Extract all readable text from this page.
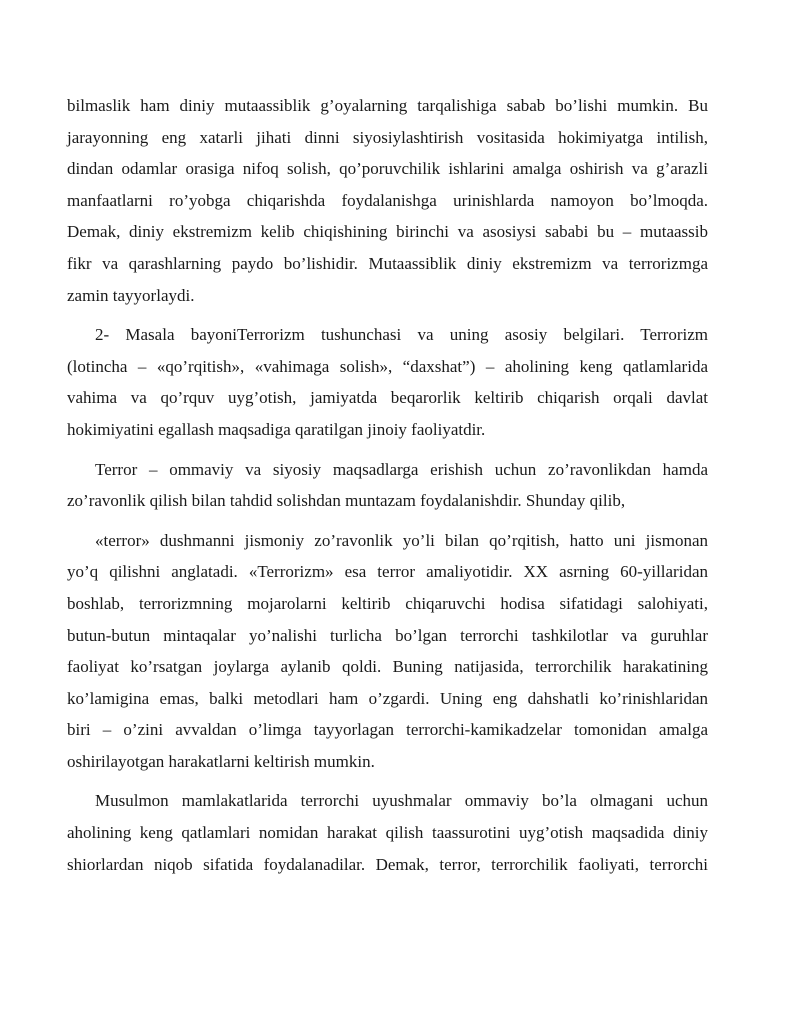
bilmaslik ham diniy mutaassiblik g’oyalarning tarqalishiga sabab bo’lishi mumkin. Bu
jarayonning eng xatarli jihati dinni siyosiylashtirish vositasida hokimiyatga intilish,
dindan odamlar orasiga nifoq solish, qo’poruvchilik ishlarini amalga oshirish va g’arazli
manfaatlarni ro’yobga chiqarishda foydalanishga urinishlarda namoyon bo’lmoqda.
Demak, diniy ekstremizm kelib chiqishining birinchi va asosiysi sababi bu – mutaassib
fikr va qarashlarning paydo bo’lishidir. Mutaassiblik diniy ekstremizm va terrorizmga
zamin tayyorlaydi.
2- Masala bayoniTerrorizm tushunchasi va uning asosiy belgilari. Terrorizm
(lotincha – «qo’rqitish», «vahimaga solish», “daxshat”) – aholining keng qatlamlarida
vahima va qo’rquv uyg’otish, jamiyatda beqarorlik keltirib chiqarish orqali davlat
hokimiyatini egallash maqsadiga qaratilgan jinoiy faoliyatdir.
Terror – ommaviy va siyosiy maqsadlarga erishish uchun zo’ravonlikdan hamda
zo’ravonlik qilish bilan tahdid solishdan muntazam foydalanishdir. Shunday qilib,
«terror» dushmanni jismoniy zo’ravonlik yo’li bilan qo’rqitish, hatto uni jismonan
yo’q qilishni anglatadi. «Terrorizm» esa terror amaliyotidir. XX asrning 60-yillaridan
boshlab, terrorizmning mojarolarni keltirib chiqaruvchi hodisa sifatidagi salohiyati,
butun-butun mintaqalar yo’nalishi turlicha bo’lgan terrorchi tashkilotlar va guruhlar
faoliyat ko’rsatgan joylarga aylanib qoldi. Buning natijasida, terrorchilik harakatining
ko’lamigina emas, balki metodlari ham o’zgardi. Uning eng dahshatli ko’rinishlaridan
biri – o’zini avvaldan o’limga tayyorlagan terrorchi-kamikadzelar tomonidan amalga
oshirilayotgan harakatlarni keltirish mumkin.
Musulmon mamlakatlarida terrorchi uyushmalar ommaviy bo’la olmagani uchun
aholining keng qatlamlari nomidan harakat qilish taassurotini uyg’otish maqsadida diniy
shiorlardan niqob sifatida foydalanadilar. Demak, terror, terrorchilik faoliyati, terrorchi
